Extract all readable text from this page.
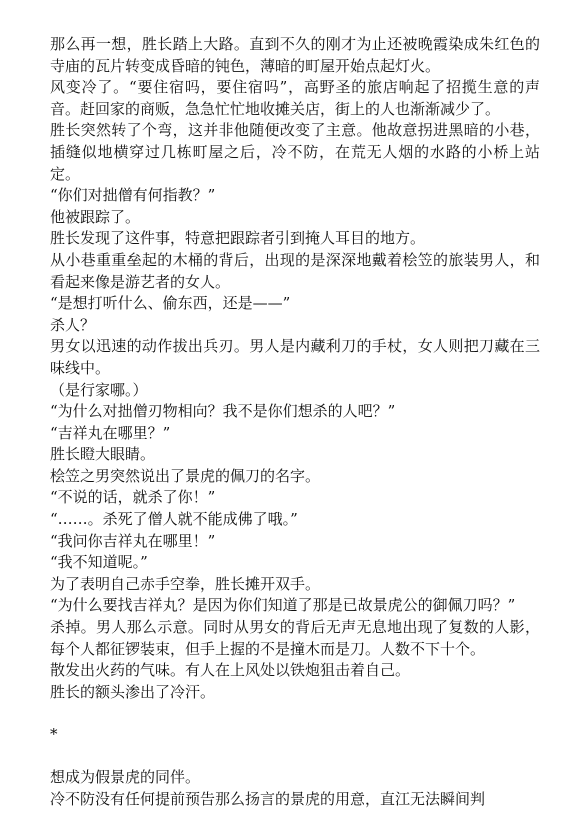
那么再一想，胜长踏上大路。直到不久的刚才为止还被晚霞染成朱红色的寺庙的瓦片转变成昏暗的钝色，薄暗的町屋开始点起灯火。

风变冷了。“要住宿吗，要住宿吗”，高野圣的旅店响起了招揽生意的声音。赶回家的商贩，急急忙忙地收摊关店，街上的人也渐渐减少了。

胜长突然转了个弯，这并非他随便改变了主意。他故意拐进黑暗的小巷，插缝似地横穿过几栋町屋之后，冷不防，在荒无人烟的水路的小桥上站定。

“你们对拙僧有何指教？”

他被跟踪了。

胜长发现了这件事，特意把跟踪者引到掩人耳目的地方。

从小巷重重垒起的木桶的背后，出现的是深深地戴着桧笠的旅装男人，和看起来像是游艺者的女人。

“是想打听什么、偷东西，还是——”

杀人？

男女以迅速的动作拔出兵刃。男人是内藏利刀的手杖，女人则把刀藏在三味线中。

（是行家哪。）

“为什么对拙僧刃物相向？我不是你们想杀的人吧？”

“吉祥丸在哪里？”

胜长瞪大眼睛。

桧笠之男突然说出了景虎的佩刀的名字。

“不说的话，就杀了你！”

“……。杀死了僧人就不能成佛了哦。”

“我问你吉祥丸在哪里！”

“我不知道呢。”

为了表明自己赤手空拳，胜长摊开双手。

“为什么要找吉祥丸？是因为你们知道了那是已故景虎公的御佩刀吗？”

杀掉。男人那么示意。同时从男女的背后无声无息地出现了复数的人影，每个人都征锣装束，但手上握的不是撞木而是刀。人数不下十个。

散发出火药的气味。有人在上风处以铁炮狙击着自己。

胜长的额头渗出了冷汗。

*

想成为假景虎的同伴。

冷不防没有任何提前预告那么扬言的景虎的用意，直江无法瞬间判
